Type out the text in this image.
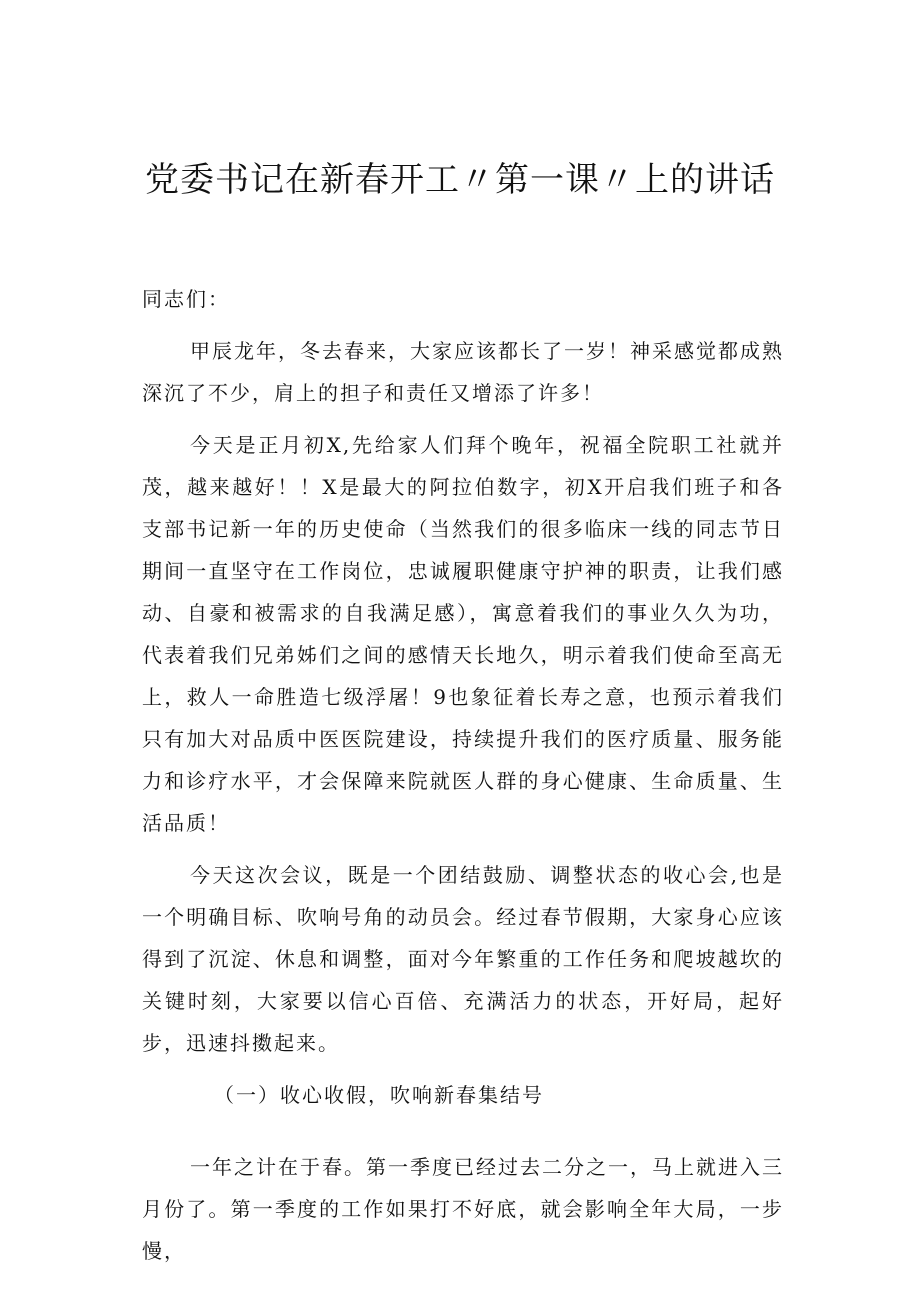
党委书记在新春开工〃第一课〃上的讲话

同志们：

甲辰龙年，冬去春来，大家应该都长了一岁！神采感觉都成熟深沉了不少，肩上的担子和责任又增添了许多！

今天是正月初X,先给家人们拜个晚年，祝福全院职工社就并茂，越来越好！！X是最大的阿拉伯数字，初X开启我们班子和各支部书记新一年的历史使命（当然我们的很多临床一线的同志节日期间一直坚守在工作岗位，忠诚履职健康守护神的职责，让我们感动、自豪和被需求的自我满足感），寓意着我们的事业久久为功，代表着我们兄弟姊们之间的感情天长地久，明示着我们使命至高无上，救人一命胜造七级浮屠！9也象征着长寿之意，也预示着我们只有加大对品质中医医院建设，持续提升我们的医疗质量、服务能力和诊疗水平，才会保障来院就医人群的身心健康、生命质量、生活品质！

今天这次会议，既是一个团结鼓励、调整状态的收心会,也是一个明确目标、吹响号角的动员会。经过春节假期，大家身心应该得到了沉淀、休息和调整，面对今年繁重的工作任务和爬坡越坎的关键时刻，大家要以信心百倍、充满活力的状态，开好局，起好步，迅速抖擞起来。

（一）收心收假，吹响新春集结号

一年之计在于春。第一季度已经过去二分之一，马上就进入三月份了。第一季度的工作如果打不好底，就会影响全年大局，一步慢，
